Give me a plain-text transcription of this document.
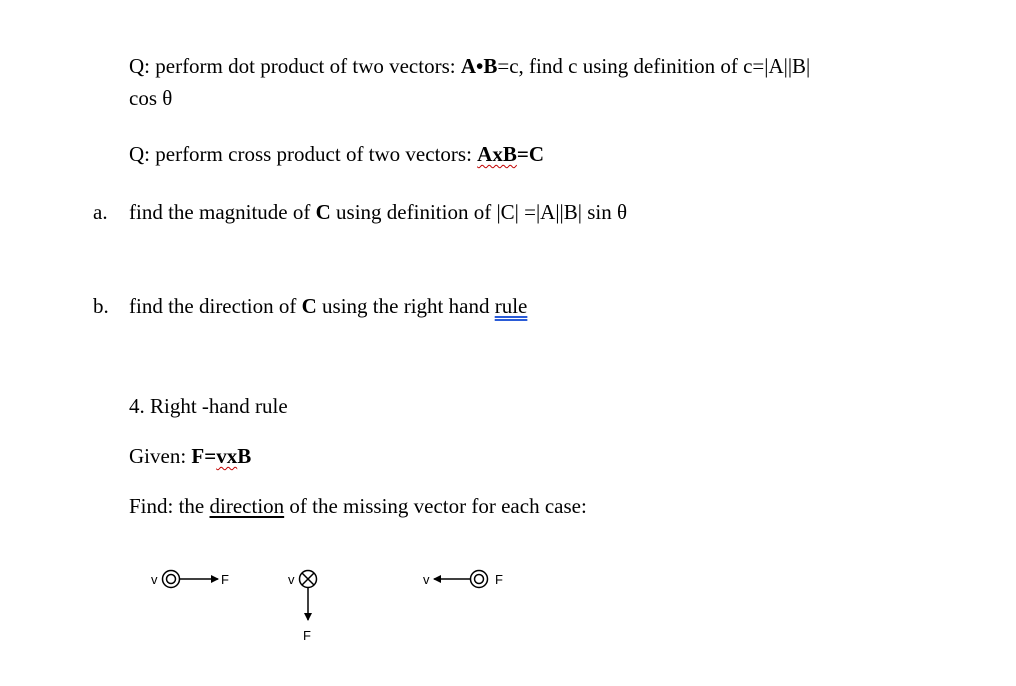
Q: perform dot product of two vectors: A•B=c, find c using definition of c=|A||B|
cos θ
Q: perform cross product of two vectors: AxB=C
a. find the magnitude of C using definition of |C| =|A||B| sin θ
b. find the direction of C using the right hand rule
4. Right -hand rule
Given: F=vxB
Find: the direction of the missing vector for each case:
v	F	v
F
v	F
